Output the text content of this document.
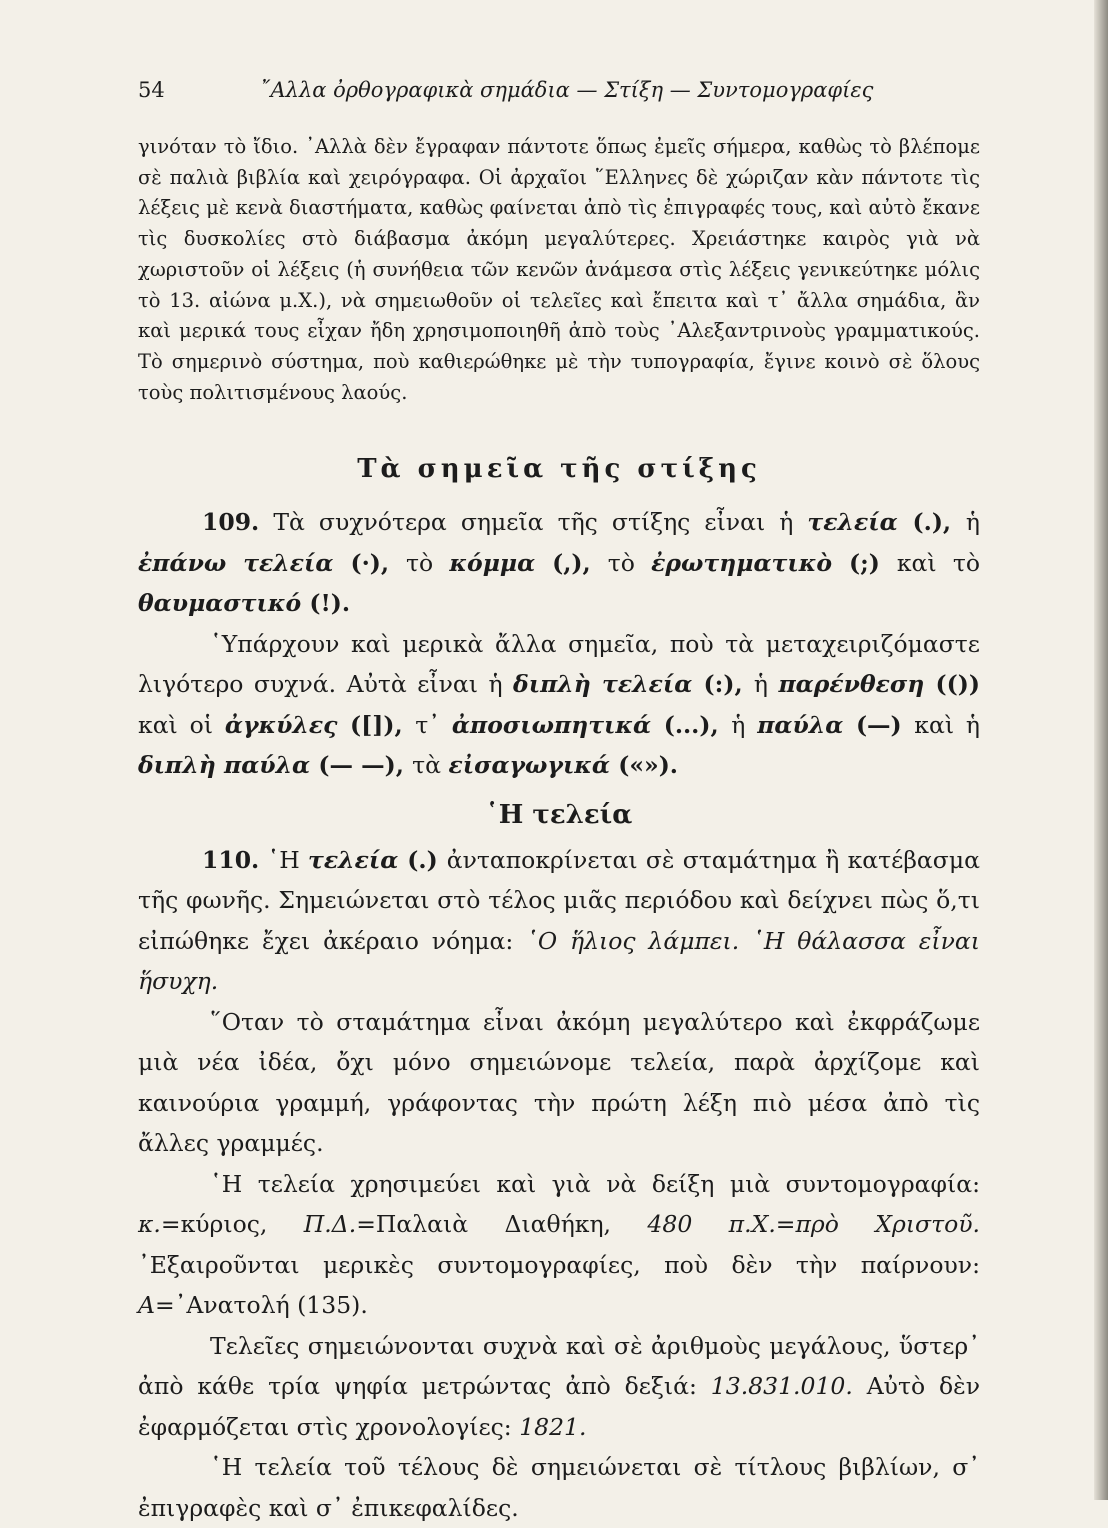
54	῎Αλλα ὀρθογραφικὰ σημάδια — Στίξη — Συντομογραφίες

γινόταν τὸ ἴδιο. ᾿Αλλὰ δὲν ἔγραφαν πάντοτε ὅπως ἐμεῖς σήμερα, καθὼς τὸ βλέπομε σὲ παλιὰ βιβλία καὶ χειρόγραφα. Οἱ ἀρχαῖοι ῞Ελληνες δὲ χώριζαν κὰν πάντοτε τὶς λέξεις μὲ κενὰ διαστήματα, καθὼς φαίνεται ἀπὸ τὶς ἐπιγραφές τους, καὶ αὐτὸ ἔκανε τὶς δυσκολίες στὸ διάβασμα ἀκόμη μεγαλύτερες. Χρειάστηκε καιρὸς γιὰ νὰ χωριστοῦν οἱ λέξεις (ἡ συνήθεια τῶν κενῶν ἀνάμεσα στὶς λέξεις γενικεύτηκε μόλις τὸ 13. αἰώνα μ.Χ.), νὰ σημειωθοῦν οἱ τελεῖες καὶ ἔπειτα καὶ τ᾿ ἄλλα σημάδια, ἂν καὶ μερικά τους εἶχαν ἤδη χρησιμοποιηθῆ ἀπὸ τοὺς ᾿Αλεξαντρινοὺς γραμματικούς. Τὸ σημερινὸ σύστημα, ποὺ καθιερώθηκε μὲ τὴν τυπογραφία, ἔγινε κοινὸ σὲ ὅλους τοὺς πολιτισμένους λαούς.

Τὰ σημεῖα τῆς στίξης

109. Τὰ συχνότερα σημεῖα τῆς στίξης εἶναι ἡ τελεία (.), ἡ ἐπάνω τελεία (·), τὸ κόμμα (,), τὸ ἐρωτηματικὸ (;) καὶ τὸ θαυμαστικό (!).

῾Υπάρχουν καὶ μερικὰ ἄλλα σημεῖα, ποὺ τὰ μεταχειριζόμαστε λιγότερο συχνά. Αὐτὰ εἶναι ἡ διπλὴ τελεία (:), ἡ παρένθεση (()) καὶ οἱ ἀγκύλες ([]), τ᾿ ἀποσιωπητικά (...), ἡ παύλα (—) καὶ ἡ διπλὴ παύλα (— —), τὰ εἰσαγωγικά («»).

῾Η τελεία

110. ῾Η τελεία (.) ἀνταποκρίνεται σὲ σταμάτημα ἢ κατέβασμα τῆς φωνῆς. Σημειώνεται στὸ τέλος μιᾶς περιόδου καὶ δείχνει πὼς ὅ,τι εἰπώθηκε ἔχει ἀκέραιο νόημα: ῾Ο ἥλιος λάμπει. ῾Η θάλασσα εἶναι ἥσυχη.

῞Οταν τὸ σταμάτημα εἶναι ἀκόμη μεγαλύτερο καὶ ἐκφράζωμε μιὰ νέα ἰδέα, ὄχι μόνο σημειώνομε τελεία, παρὰ ἀρχίζομε καὶ καινούρια γραμμή, γράφοντας τὴν πρώτη λέξη πιὸ μέσα ἀπὸ τὶς ἄλλες γραμμές.

῾Η τελεία χρησιμεύει καὶ γιὰ νὰ δείξη μιὰ συντομογραφία: κ.=κύριος, Π.Δ.=Παλαιὰ Διαθήκη, 480 π.Χ.=πρὸ Χριστοῦ. ᾿Εξαιροῦνται μερικὲς συντομογραφίες, ποὺ δὲν τὴν παίρνουν: Α=᾿Ανατολή (135).

Τελεῖες σημειώνονται συχνὰ καὶ σὲ ἀριθμοὺς μεγάλους, ὕστερ᾿ ἀπὸ κάθε τρία ψηφία μετρώντας ἀπὸ δεξιά: 13.831.010. Αὐτὸ δὲν ἐφαρμόζεται στὶς χρονολογίες: 1821.

῾Η τελεία τοῦ τέλους δὲ σημειώνεται σὲ τίτλους βιβλίων, σ᾿ ἐπιγραφὲς καὶ σ᾿ ἐπικεφαλίδες.
